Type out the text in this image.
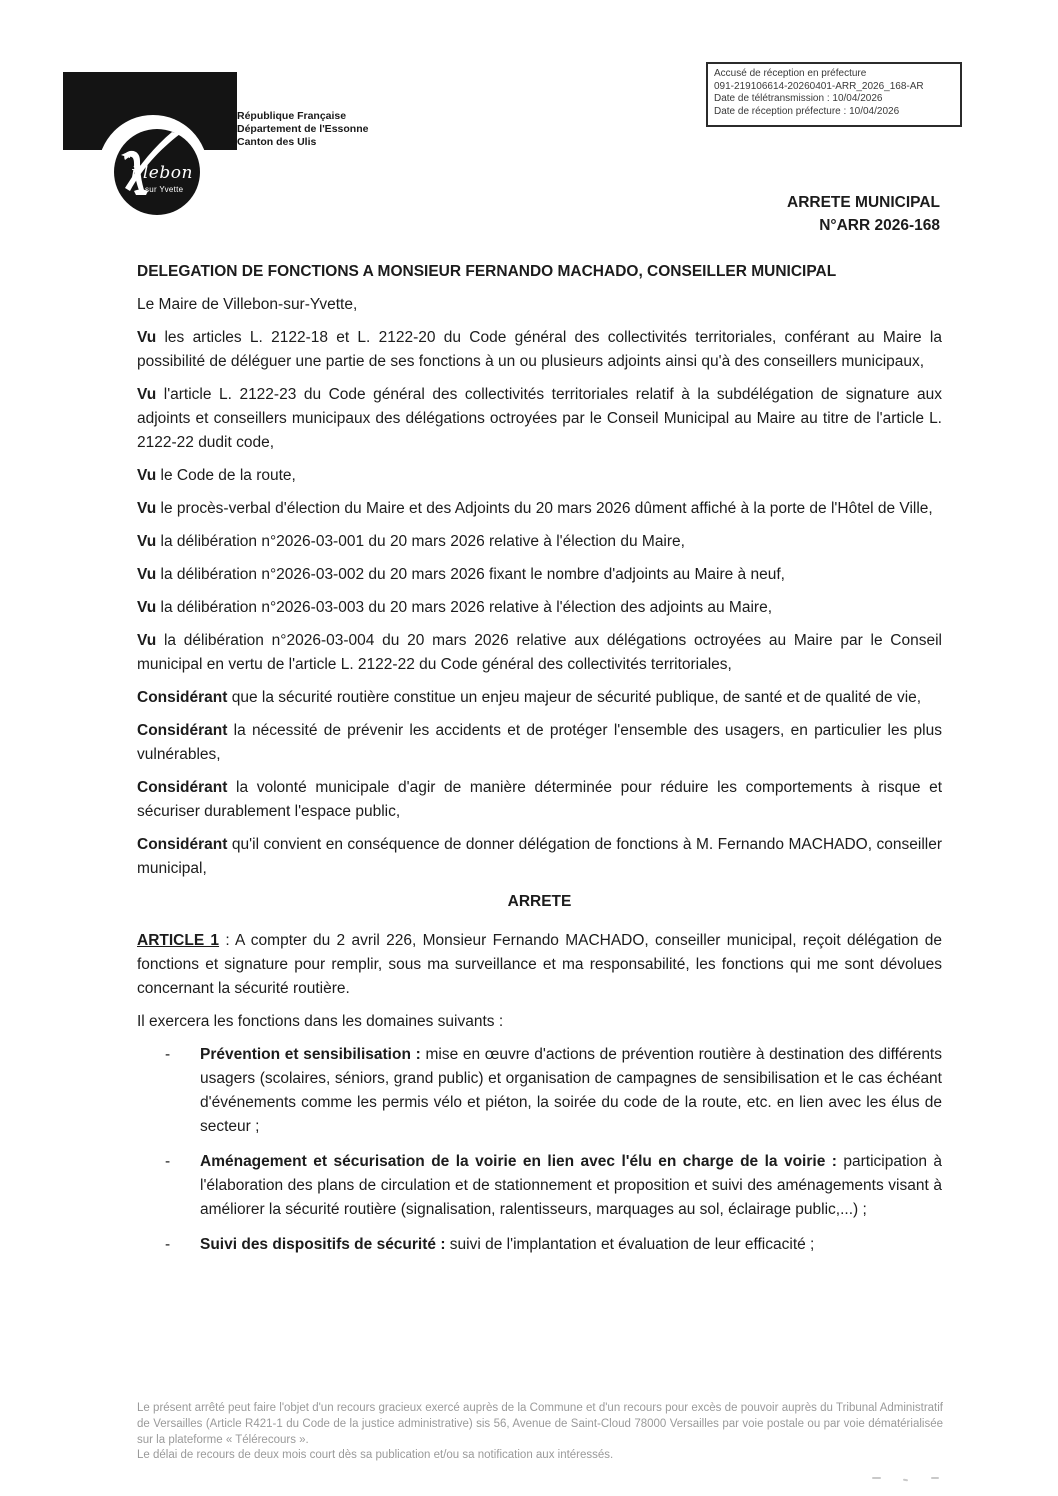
Accusé de réception en préfecture
091-219106614-20260401-ARR_2026_168-AR
Date de télétransmission : 10/04/2026
Date de réception préfecture : 10/04/2026
illebon
sur Yvette
République Française
Département de l'Essonne
Canton des Ulis
ARRETE MUNICIPAL
N°ARR 2026-168

DELEGATION DE FONCTIONS A MONSIEUR FERNANDO MACHADO, CONSEILLER MUNICIPAL

Le Maire de Villebon-sur-Yvette,

Vu les articles L. 2122-18 et L. 2122-20 du Code général des collectivités territoriales, conférant au Maire la possibilité de déléguer une partie de ses fonctions à un ou plusieurs adjoints ainsi qu'à des conseillers municipaux,

Vu l'article L. 2122-23 du Code général des collectivités territoriales relatif à la subdélégation de signature aux adjoints et conseillers municipaux des délégations octroyées par le Conseil Municipal au Maire au titre de l'article L. 2122-22 dudit code,

Vu le Code de la route,

Vu le procès-verbal d'élection du Maire et des Adjoints du 20 mars 2026 dûment affiché à la porte de l'Hôtel de Ville,

Vu la délibération n°2026-03-001 du 20 mars 2026 relative à l'élection du Maire,

Vu la délibération n°2026-03-002 du 20 mars 2026 fixant le nombre d'adjoints au Maire à neuf,

Vu la délibération n°2026-03-003 du 20 mars 2026 relative à l'élection des adjoints au Maire,

Vu la délibération n°2026-03-004 du 20 mars 2026 relative aux délégations octroyées au Maire par le Conseil municipal en vertu de l'article L. 2122-22 du Code général des collectivités territoriales,

Considérant que la sécurité routière constitue un enjeu majeur de sécurité publique, de santé et de qualité de vie,

Considérant la nécessité de prévenir les accidents et de protéger l'ensemble des usagers, en particulier les plus vulnérables,

Considérant la volonté municipale d'agir de manière déterminée pour réduire les comportements à risque et sécuriser durablement l'espace public,

Considérant qu'il convient en conséquence de donner délégation de fonctions à M. Fernando MACHADO, conseiller municipal,

ARRETE

ARTICLE 1 : A compter du 2 avril 226, Monsieur Fernando MACHADO, conseiller municipal, reçoit délégation de fonctions et signature pour remplir, sous ma surveillance et ma responsabilité, les fonctions qui me sont dévolues concernant la sécurité routière.

Il exercera les fonctions dans les domaines suivants :

-	Prévention et sensibilisation : mise en œuvre d'actions de prévention routière à destination des différents usagers (scolaires, séniors, grand public) et organisation de campagnes de sensibilisation et le cas échéant d'événements comme les permis vélo et piéton, la soirée du code de la route, etc. en lien avec les élus de secteur ;
-	Aménagement et sécurisation de la voirie en lien avec l'élu en charge de la voirie : participation à l'élaboration des plans de circulation et de stationnement et proposition et suivi des aménagements visant à améliorer la sécurité routière (signalisation, ralentisseurs, marquages au sol, éclairage public,...) ;
-	Suivi des dispositifs de sécurité : suivi de l'implantation et évaluation de leur efficacité ;

Le présent arrêté peut faire l'objet d'un recours gracieux exercé auprès de la Commune et d'un recours pour excès de pouvoir auprès du Tribunal Administratif de Versailles (Article R421-1 du Code de la justice administrative) sis 56, Avenue de Saint-Cloud 78000 Versailles par voie postale ou par voie dématérialisée sur la plateforme « Télérecours ».

Le délai de recours de deux mois court dès sa publication et/ou sa notification aux intéressés.
